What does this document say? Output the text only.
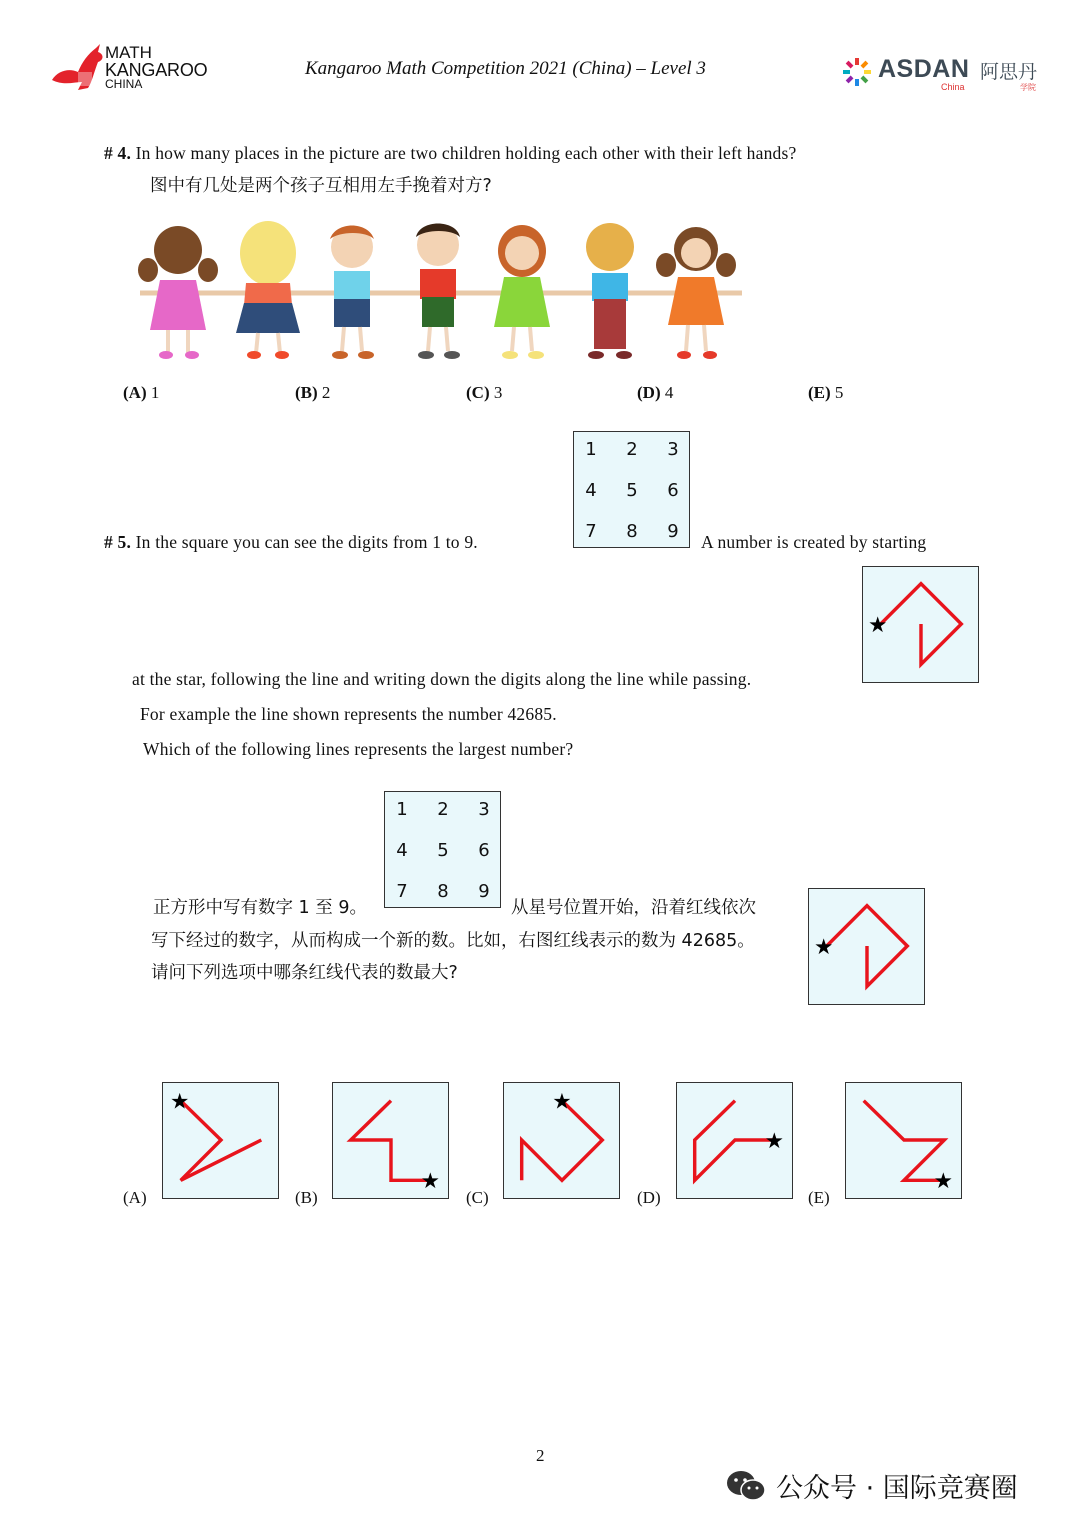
MATH
KANGAROO
CHINA
Kangaroo Math Competition 2021 (China) – Level 3	ASDAN 阿思丹
China	学院
# 4. In how many places in the picture are two children holding each other with their left hands?
图中有几处是两个孩子互相用左手挽着对方?
(A) 1	(B) 2	(C) 3	(D) 4	(E) 5
# 5. In the square you can see the digits from 1 to 9.
1 2 3
4 5 6
7 8 9 A number is created by starting
★
at the star, following the line and writing down the digits along the line while passing.
For example the line shown represents the number 42685.
Which of the following lines represents the largest number?
1 2 3
4 5 6
7 8 9
正方形中写有数字 1 至 9。	从星号位置开始，沿着红线依次
写下经过的数字，从而构成一个新的数。比如，右图红线表示的数为 42685。
请问下列选项中哪条红线代表的数最大?
★
(A)
★
(B)
★
(C)
★
(D)
★
(E)
★
2
公众号 · 国际竞赛圈
